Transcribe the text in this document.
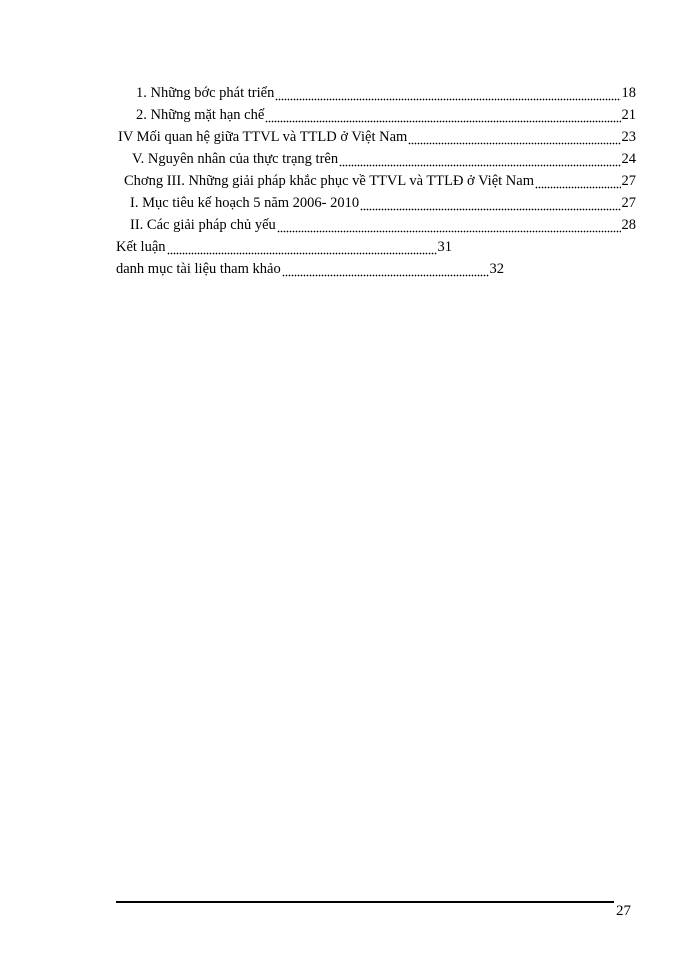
1. Những bớc phát triển	18
2. Những mặt hạn chế	21
IV Mối quan hệ giữa TTVL và TTLD ở Việt Nam	23
V. Nguyên nhân của thực trạng trên	24
Chơng III. Những giải pháp khắc phục về TTVL và TTLĐ ở Việt Nam	27
I. Mục tiêu kế hoạch 5 năm 2006- 2010	27
II. Các giải pháp chủ yếu	28
Kết luận	31
danh mục tài liệu tham khảo	32
27
